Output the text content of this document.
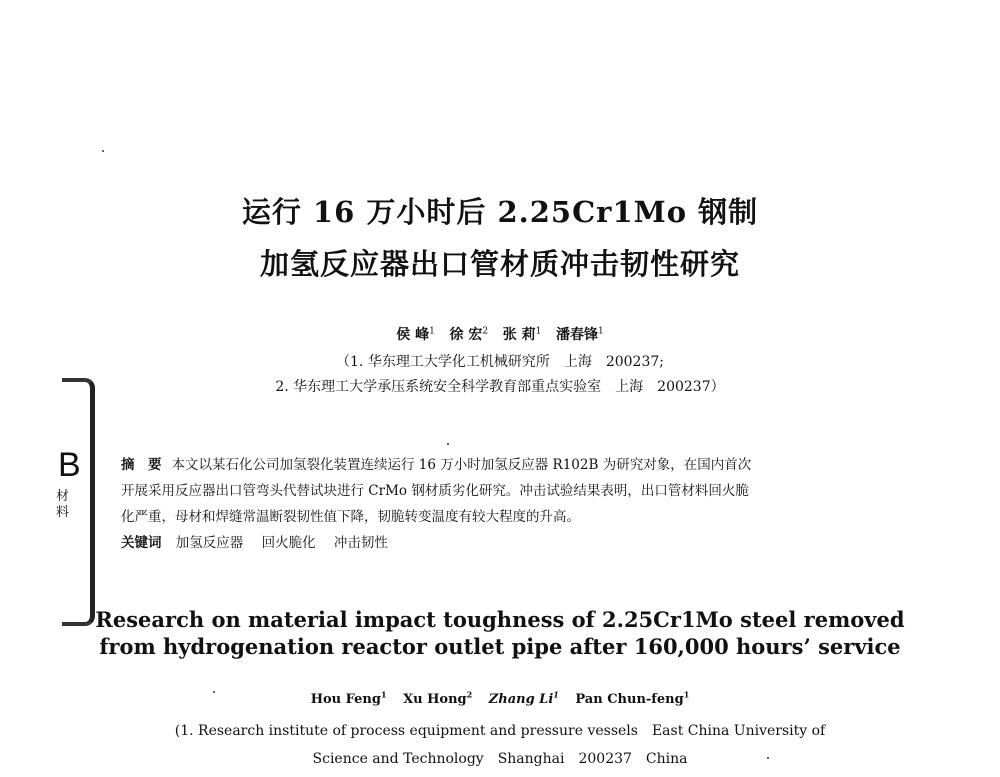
运行 16 万小时后 2.25Cr1Mo 钢制
加氢反应器出口管材质冲击韧性研究
侯 峰$^1$ 徐 宏$^2$ 张 莉$^1$ 潘春锋$^1$
（1. 华东理工大学化工机械研究所　上海　200237;
2. 华东理工大学承压系统安全科学教育部重点实验室　上海　200237）
B
材料
摘　要 本文以某石化公司加氢裂化装置连续运行 16 万小时加氢反应器 R102B 为研究对象，在国内首次
开展采用反应器出口管弯头代替试块进行 CrMo 钢材质劣化研究。冲击试验结果表明，出口管材料回火脆
化严重，母材和焊缝常温断裂韧性值下降，韧脆转变温度有较大程度的升高。
关键词 加氢反应器 回火脆化 冲击韧性
Research on material impact toughness of 2.25Cr1Mo steel removed
from hydrogenation reactor outlet pipe after 160,000 hours’ service
Hou Feng$^1$ Xu Hong$^2$ Zhang Li$^1$ Pan Chun-feng$^1$
(1. Research institute of process equipment and pressure vessels　East China University of
Science and Technology　Shanghai　200237　China
